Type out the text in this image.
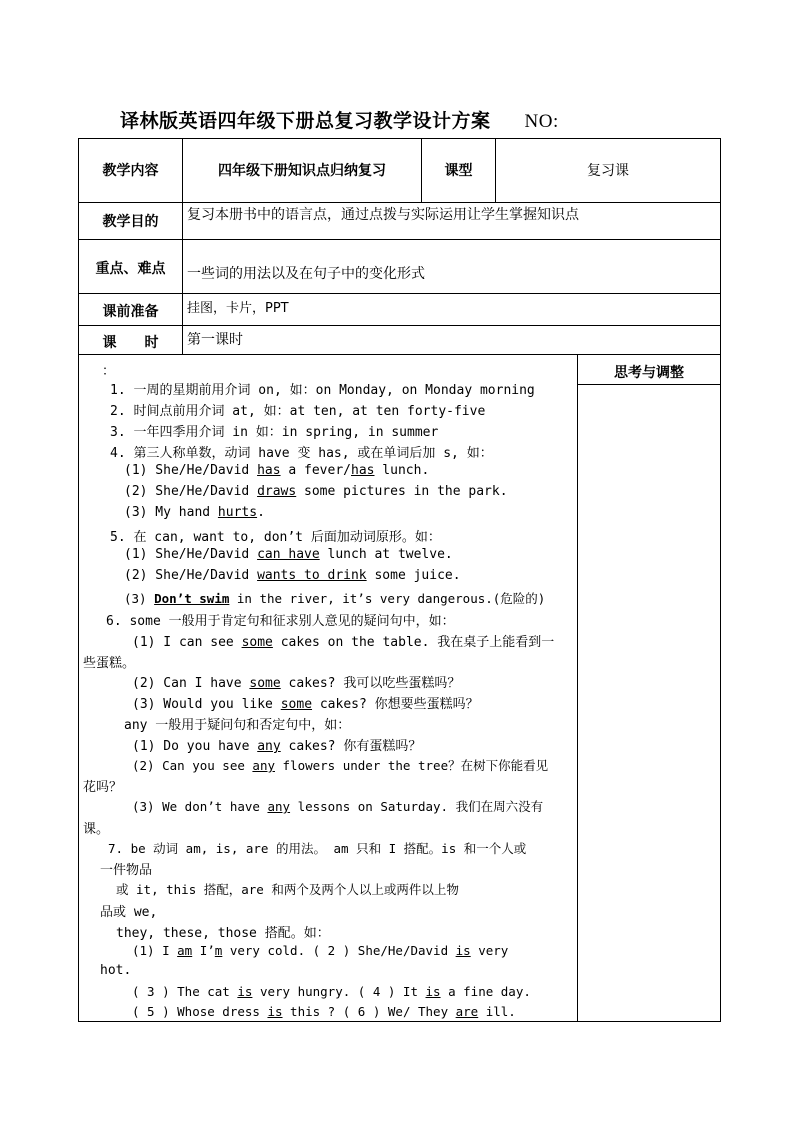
译林版英语四年级下册总复习教学设计方案 NO:
教学内容	四年级下册知识点归纳复习	课型	复习课
教学目的	复习本册书中的语言点，通过点拨与实际运用让学生掌握知识点
重点、难点	一些词的用法以及在句子中的变化形式
课前准备	挂图，卡片，PPT
课　　时	第一课时
思考与调整
：
1. 一周的星期前用介词 on, 如：on Monday, on Monday morning
2. 时间点前用介词 at, 如：at ten, at ten forty-five
3. 一年四季用介词 in 如：in spring, in summer
4. 第三人称单数，动词 have 变 has, 或在单词后加 s, 如：
(1) She/He/David has a fever/has lunch.
(2) She/He/David draws some pictures in the park.
(3) My hand hurts.
5. 在 can, want to, don’t 后面加动词原形。如：
(1) She/He/David can have lunch at twelve.
(2) She/He/David wants to drink some juice.
(3) Don’t swim in the river, it’s very dangerous.(危险的)
6. some 一般用于肯定句和征求别人意见的疑问句中，如：
(1) I can see some cakes on the table. 我在桌子上能看到一
些蛋糕。
(2) Can I have some cakes? 我可以吃些蛋糕吗？
(3) Would you like some cakes? 你想要些蛋糕吗？
any 一般用于疑问句和否定句中，如：
(1) Do you have any cakes? 你有蛋糕吗？
(2) Can you see any flowers under the tree？在树下你能看见
花吗？
(3) We don’t have any lessons on Saturday. 我们在周六没有
课。
7. be 动词 am, is, are 的用法。 am 只和 I 搭配。is 和一个人或
一件物品
或 it, this 搭配，are 和两个及两个人以上或两件以上物
品或 we,
they, these, those 搭配。如：
(1) I am I’m very cold. ( 2 ) She/He/David is very
hot.
( 3 ) The cat is very hungry. ( 4 ) It is a fine day.
( 5 ) Whose dress is this ? ( 6 ) We/ They are ill.
